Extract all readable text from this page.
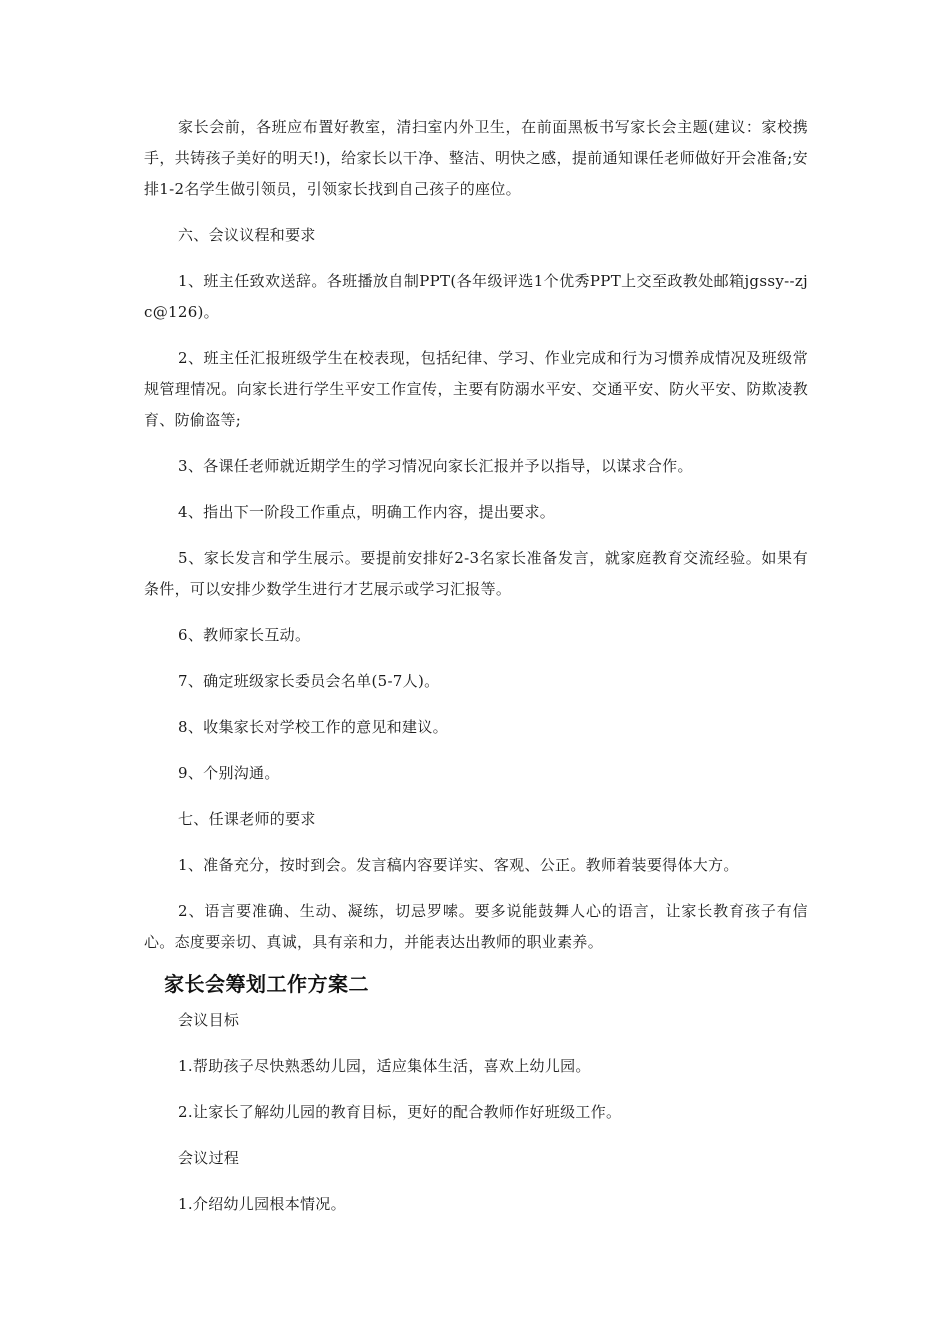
家长会前，各班应布置好教室，清扫室内外卫生，在前面黑板书写家长会主题(建议：家校携手，共铸孩子美好的明天!)，给家长以干净、整洁、明快之感，提前通知课任老师做好开会准备;安排1-2名学生做引领员，引领家长找到自己孩子的座位。

六、会议议程和要求

1、班主任致欢送辞。各班播放自制PPT(各年级评选1个优秀PPT上交至政教处邮箱jgssy--zjc@126)。

2、班主任汇报班级学生在校表现，包括纪律、学习、作业完成和行为习惯养成情况及班级常规管理情况。向家长进行学生平安工作宣传，主要有防溺水平安、交通平安、防火平安、防欺凌教育、防偷盗等;

3、各课任老师就近期学生的学习情况向家长汇报并予以指导，以谋求合作。

4、指出下一阶段工作重点，明确工作内容，提出要求。

5、家长发言和学生展示。要提前安排好2-3名家长准备发言，就家庭教育交流经验。如果有条件，可以安排少数学生进行才艺展示或学习汇报等。

6、教师家长互动。

7、确定班级家长委员会名单(5-7人)。

8、收集家长对学校工作的意见和建议。

9、个别沟通。

七、任课老师的要求

1、准备充分，按时到会。发言稿内容要详实、客观、公正。教师着装要得体大方。

2、语言要准确、生动、凝练，切忌罗嗦。要多说能鼓舞人心的语言，让家长教育孩子有信心。态度要亲切、真诚，具有亲和力，并能表达出教师的职业素养。

家长会筹划工作方案二

会议目标

1.帮助孩子尽快熟悉幼儿园，适应集体生活，喜欢上幼儿园。

2.让家长了解幼儿园的教育目标，更好的配合教师作好班级工作。

会议过程

1.介绍幼儿园根本情况。
